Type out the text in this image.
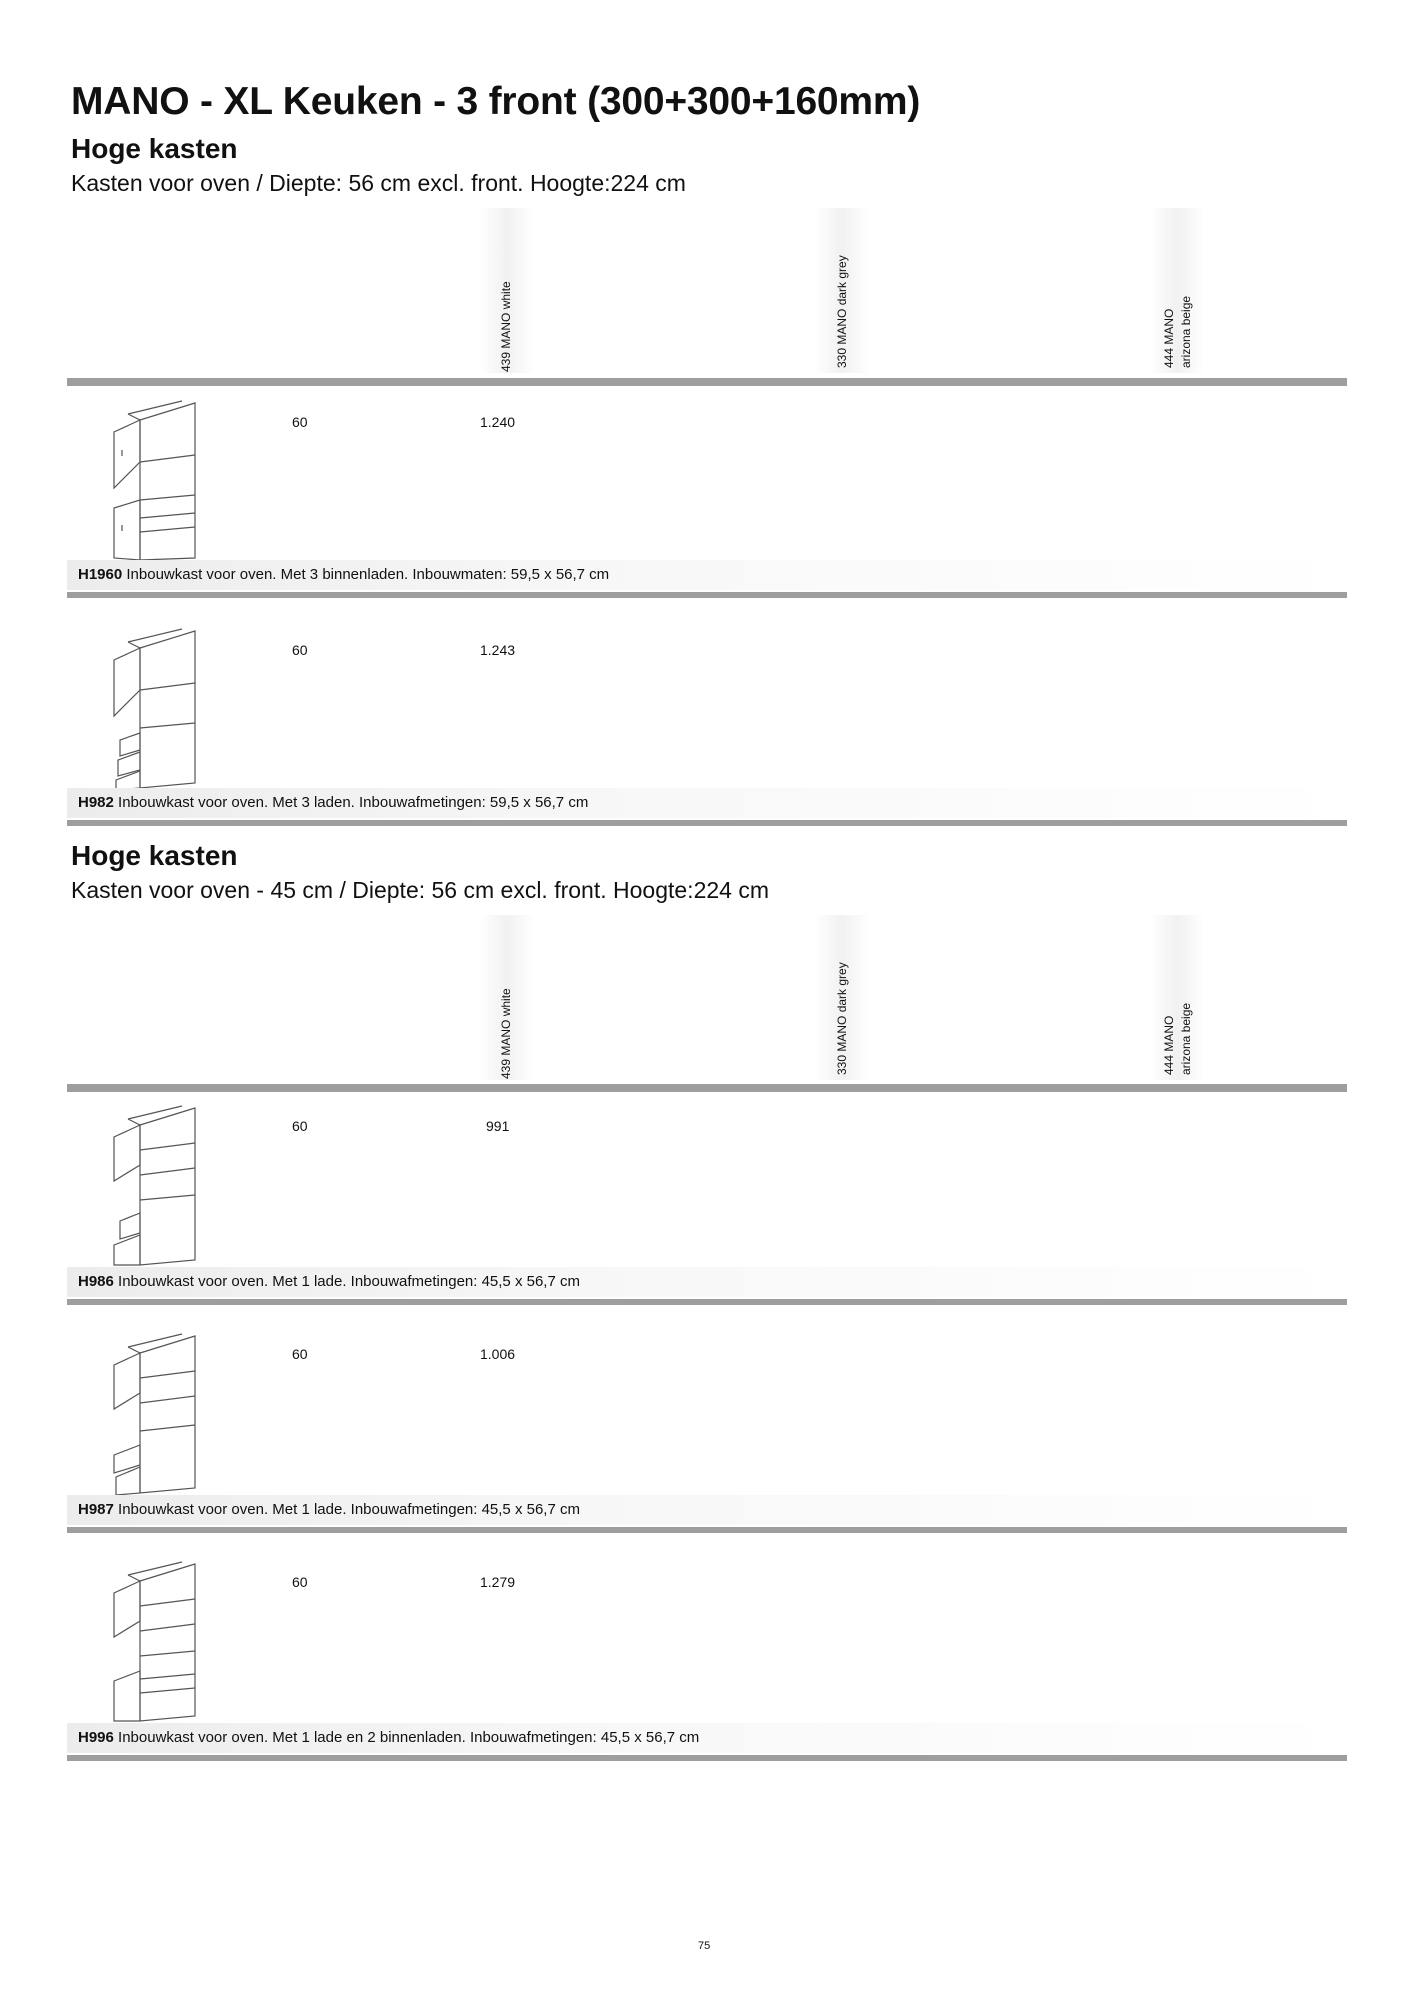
MANO - XL Keuken - 3 front (300+300+160mm)
Hoge kasten

Kasten voor oven / Diepte: 56 cm excl. front. Hoogte:224 cm

439 MANO white	330 MANO dark grey	444 MANO arizona beige
60	1.240
H1960 Inbouwkast voor oven. Met 3 binnenladen. Inbouwmaten: 59,5 x 56,7 cm
60	1.243
H982 Inbouwkast voor oven. Met 3 laden. Inbouwafmetingen: 59,5 x 56,7 cm
Hoge kasten

Kasten voor oven - 45 cm / Diepte: 56 cm excl. front. Hoogte:224 cm

439 MANO white	330 MANO dark grey	444 MANO arizona beige
60	991
H986 Inbouwkast voor oven. Met 1 lade. Inbouwafmetingen: 45,5 x 56,7 cm
60	1.006
H987 Inbouwkast voor oven. Met 1 lade. Inbouwafmetingen: 45,5 x 56,7 cm
60	1.279
H996 Inbouwkast voor oven. Met 1 lade en 2 binnenladen. Inbouwafmetingen: 45,5 x 56,7 cm
75
